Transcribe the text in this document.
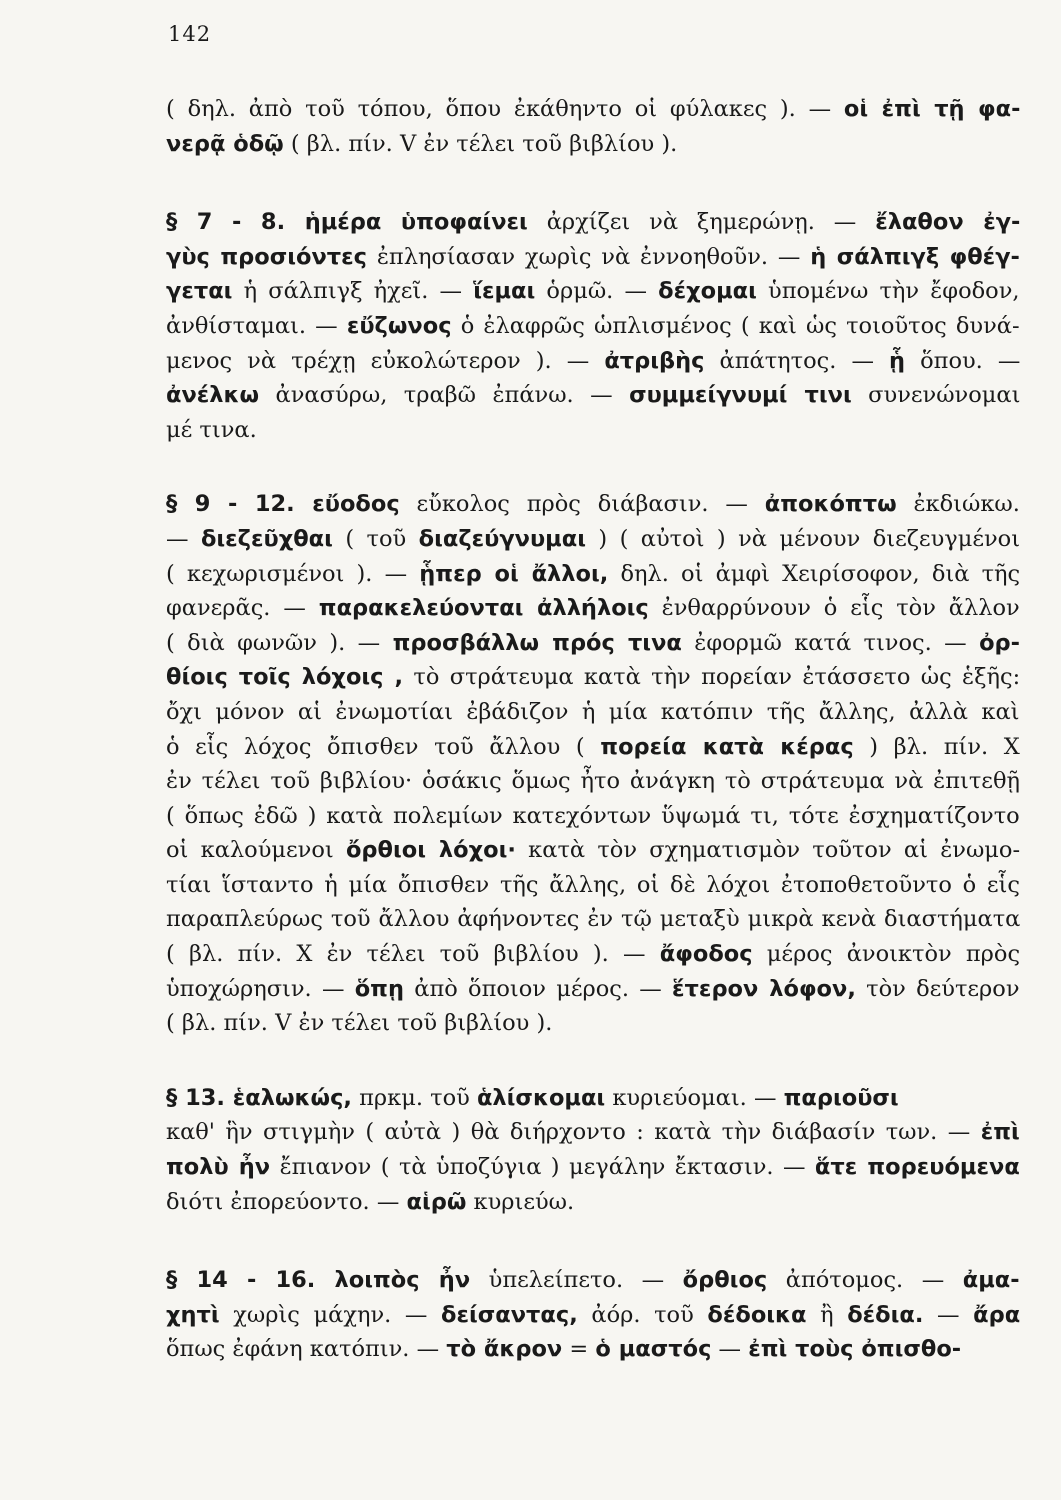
142
( δηλ. ἀπὸ τοῦ τόπου, ὅπου ἐκάθηντο οἱ φύλακες ). — οἱ ἐπὶ τῇ φα-
νερᾷ ὁδῷ ( βλ. πίν. V ἐν τέλει τοῦ βιβλίου ).
§ 7 - 8. ἡμέρα ὑποφαίνει ἀρχίζει νὰ ξημερώνῃ. — ἔλαθον ἐγ-
γὺς προσιόντες ἐπλησίασαν χωρὶς νὰ ἐννοηθοῦν. — ἡ σάλπιγξ φθέγ-
γεται ἡ σάλπιγξ ἠχεῖ. — ἵεμαι ὁρμῶ. — δέχομαι ὑπομένω τὴν ἔφοδον,
ἀνθίσταμαι. — εὔζωνος ὁ ἐλαφρῶς ὡπλισμένος ( καὶ ὡς τοιοῦτος δυνά-
μενος νὰ τρέχῃ εὐκολώτερον ). — ἀτριβὴς ἀπάτητος. — ᾗ ὅπου. —
ἀνέλκω ἀνασύρω, τραβῶ ἐπάνω. — συμμείγνυμί τινι συνενώνομαι
μέ τινα.
§ 9 - 12. εὔοδος εὔκολος πρὸς διάβασιν. — ἀποκόπτω ἐκδιώκω.
— διεζεῦχθαι ( τοῦ διαζεύγνυμαι ) ( αὐτοὶ ) νὰ μένουν διεζευγμένοι
( κεχωρισμένοι ). — ᾗπερ οἱ ἄλλοι, δηλ. οἱ ἀμφὶ Χειρίσοφον, διὰ τῆς
φανερᾶς. — παρακελεύονται ἀλλήλοις ἐνθαρρύνουν ὁ εἷς τὸν ἄλλον
( διὰ φωνῶν ). — προσβάλλω πρός τινα ἐφορμῶ κατά τινος. — ὀρ-
θίοις τοῖς λόχοις , τὸ στράτευμα κατὰ τὴν πορείαν ἐτάσσετο ὡς ἑξῆς:
ὄχι μόνον αἱ ἐνωμοτίαι ἐβάδιζον ἡ μία κατόπιν τῆς ἄλλης, ἀλλὰ καὶ
ὁ εἷς λόχος ὄπισθεν τοῦ ἄλλου ( πορεία κατὰ κέρας ) βλ. πίν. X
ἐν τέλει τοῦ βιβλίου· ὁσάκις ὅμως ἦτο ἀνάγκη τὸ στράτευμα νὰ ἐπιτεθῇ
( ὅπως ἐδῶ ) κατὰ πολεμίων κατεχόντων ὕψωμά τι, τότε ἐσχηματίζοντο
οἱ καλούμενοι ὄρθιοι λόχοι· κατὰ τὸν σχηματισμὸν τοῦτον αἱ ἐνωμο-
τίαι ἵσταντο ἡ μία ὄπισθεν τῆς ἄλλης, οἱ δὲ λόχοι ἐτοποθετοῦντο ὁ εἷς
παραπλεύρως τοῦ ἄλλου ἀφήνοντες ἐν τῷ μεταξὺ μικρὰ κενὰ διαστήματα
( βλ. πίν. X ἐν τέλει τοῦ βιβλίου ). — ἄφοδος μέρος ἀνοικτὸν πρὸς
ὑποχώρησιν. — ὅπῃ ἀπὸ ὅποιον μέρος. — ἕτερον λόφον, τὸν δεύτερον
( βλ. πίν. V ἐν τέλει τοῦ βιβλίου ).
§ 13. ἑαλωκώς, πρκμ. τοῦ ἁλίσκομαι κυριεύομαι. — παριοῦσι
καθ' ἣν στιγμὴν ( αὐτὰ ) θὰ διήρχοντο : κατὰ τὴν διάβασίν των. — ἐπὶ
πολὺ ἦν ἔπιανον ( τὰ ὑποζύγια ) μεγάλην ἔκτασιν. — ἅτε πορευόμενα
διότι ἐπορεύοντο. — αἱρῶ κυριεύω.
§ 14 - 16. λοιπὸς ἦν ὑπελείπετο. — ὄρθιος ἀπότομος. — ἀμα-
χητὶ χωρὶς μάχην. — δείσαντας, ἀόρ. τοῦ δέδοικα ἢ δέδια. — ἄρα
ὅπως ἐφάνη κατόπιν. — τὸ ἄκρον = ὁ μαστός — ἐπὶ τοὺς ὀπισθο-
